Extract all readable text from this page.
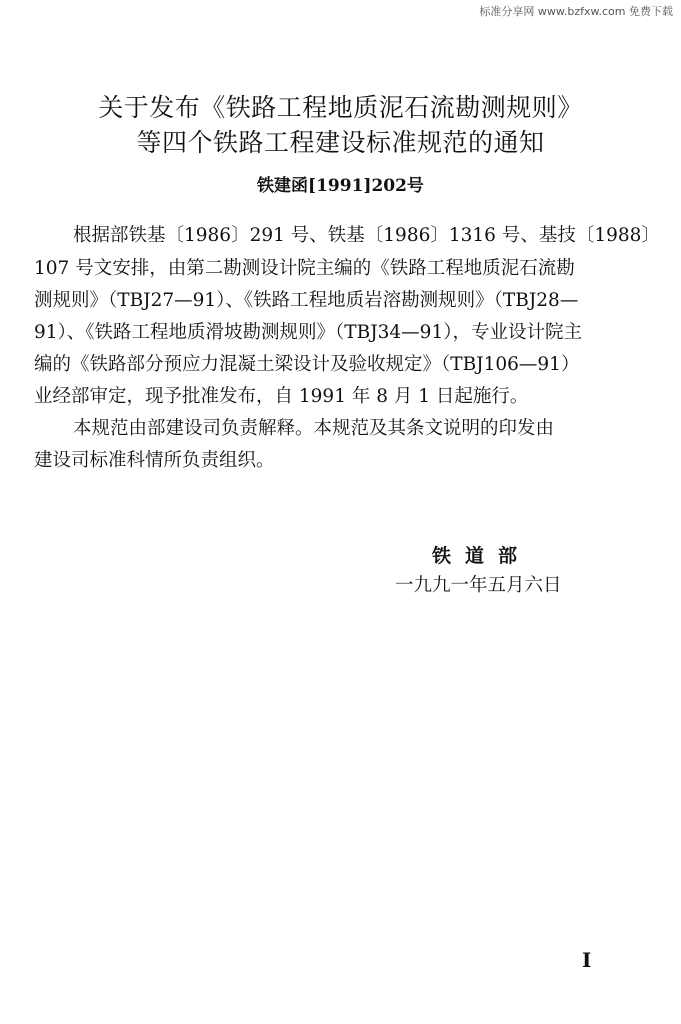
标准分享网 www.bzfxw.com 免费下载
关于发布《铁路工程地质泥石流勘测规则》
等四个铁路工程建设标准规范的通知
铁建函[1991]202号
根据部铁基〔1986〕291 号、铁基〔1986〕1316 号、基技〔1988〕
107 号文安排，由第二勘测设计院主编的《铁路工程地质泥石流勘
测规则》（TBJ27—91）、《铁路工程地质岩溶勘测规则》（TBJ28—
91）、《铁路工程地质滑坡勘测规则》（TBJ34—91），专业设计院主
编的《铁路部分预应力混凝土梁设计及验收规定》（TBJ106—91）
业经部审定，现予批准发布，自 1991 年 8 月 1 日起施行。
本规范由部建设司负责解释。本规范及其条文说明的印发由
建设司标准科情所负责组织。
铁道部
一九九一年五月六日
I
